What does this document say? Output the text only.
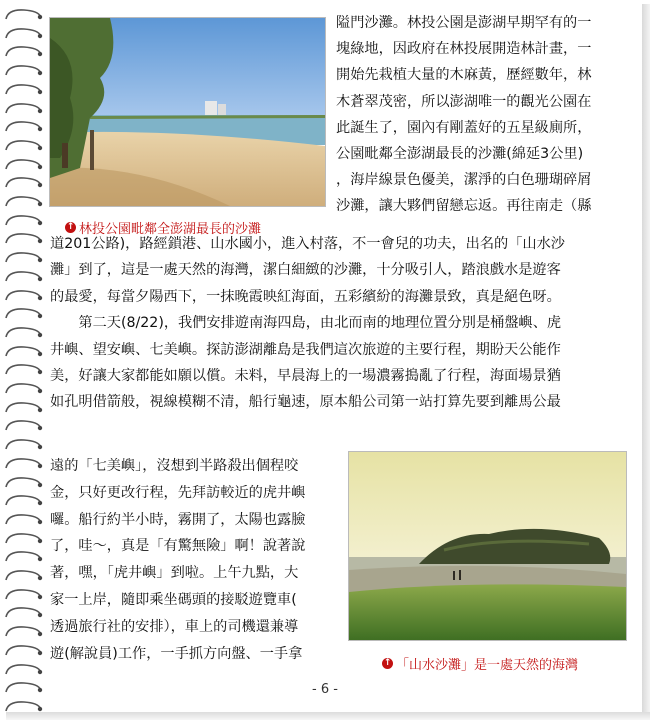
↑ 林投公園毗鄰全澎湖最長的沙灘
隘門沙灘。林投公園是澎湖早期罕有的一
塊綠地，因政府在林投展開造林計畫，一
開始先栽植大量的木麻黃，歷經數年，林
木蒼翠茂密，所以澎湖唯一的觀光公園在
此誕生了，園內有剛蓋好的五星級廁所，
公園毗鄰全澎湖最長的沙灘(綿延3公里)
，海岸線景色優美，潔淨的白色珊瑚碎屑
沙灘，讓大夥們留戀忘返。再往南走（縣
道201公路)，路經鎖港、山水國小，進入村落，不一會兒的功夫，出名的「山水沙
灘」到了，這是一處天然的海灣，潔白細緻的沙灘，十分吸引人，踏浪戲水是遊客
的最愛，每當夕陽西下，一抹晚霞映紅海面，五彩繽紛的海灘景致，真是絕色呀。
　　第二天(8/22)，我們安排遊南海四島，由北而南的地理位置分別是桶盤嶼、虎
井嶼、望安嶼、七美嶼。探訪澎湖離島是我們這次旅遊的主要行程，期盼天公能作
美，好讓大家都能如願以償。未料，早晨海上的一場濃霧搗亂了行程，海面場景猶
如孔明借箭般，視線模糊不清，船行龜速，原本船公司第一站打算先要到離馬公最
遠的「七美嶼」，沒想到半路殺出個程咬
金，只好更改行程，先拜訪較近的虎井嶼
囉。船行約半小時，霧開了，太陽也露臉
了，哇～，真是「有驚無險」啊！說著說
著，嘿，「虎井嶼」到啦。上午九點，大
家一上岸，隨即乘坐碼頭的接駁遊覽車(
透過旅行社的安排），車上的司機還兼導
遊(解說員)工作，一手抓方向盤、一手拿
↑ 「山水沙灘」是一處天然的海灣
- 6 -
